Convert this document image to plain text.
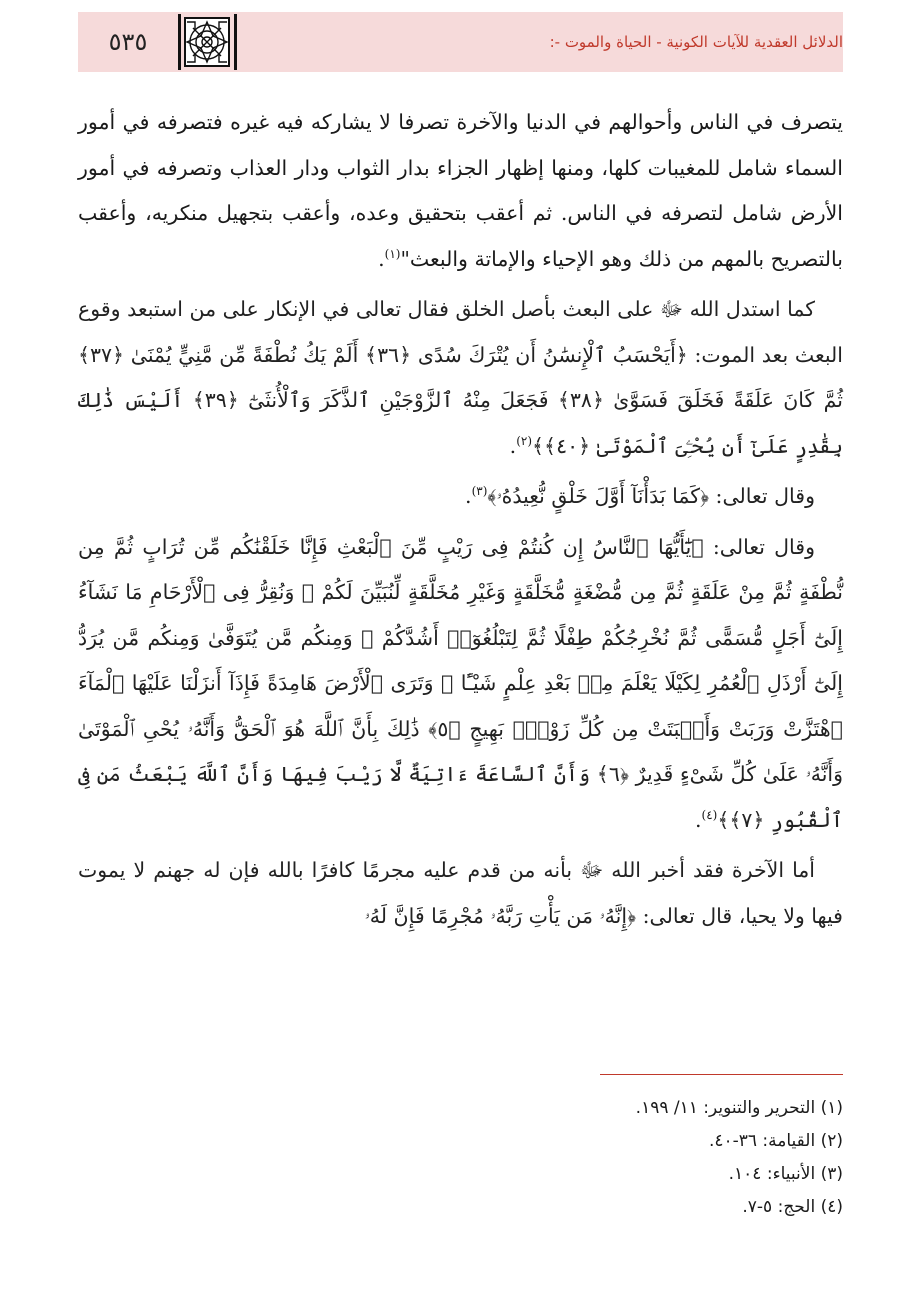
٥٣٥	الدلائل العقدية للآيات الكونية - الحياة والموت -:

يتصرف في الناس وأحوالهم في الدنيا والآخرة تصرفا لا يشاركه فيه غيره فتصرفه في أمور السماء شامل للمغيبات كلها، ومنها إظهار الجزاء بدار الثواب ودار العذاب وتصرفه في أمور الأرض شامل لتصرفه في الناس. ثم أعقب بتحقيق وعده، وأعقب بتجهيل منكريه، وأعقب بالتصريح بالمهم من ذلك وهو الإحياء والإماتة والبعث"$^{(١)}$.

كما استدل الله ﷻ على البعث بأصل الخلق فقال تعالى في الإنكار على من استبعد وقوع البعث بعد الموت: ﴿أَيَحْسَبُ ٱلْإِنسَٰنُ أَن يُتْرَكَ سُدًى ﴿٣٦﴾ أَلَمْ يَكُ نُطْفَةً مِّن مَّنِيٍّ يُمْنَىٰ ﴿٣٧﴾ ثُمَّ كَانَ عَلَقَةً فَخَلَقَ فَسَوَّىٰ ﴿٣٨﴾ فَجَعَلَ مِنْهُ ٱلزَّوْجَيْنِ ٱلذَّكَرَ وَٱلْأُنثَىٰٓ ﴿٣٩﴾ أَلَيْسَ ذَٰلِكَ بِقَٰدِرٍ عَلَىٰٓ أَن يُحْـِۧىَ ٱلْمَوْتَىٰ ﴿٤٠﴾﴾$^{(٢)}$.

وقال تعالى: ﴿كَمَا بَدَأْنَآ أَوَّلَ خَلْقٍ نُّعِيدُهُۥ﴾$^{(٣)}$.

وقال تعالى: ﴿يَٰٓأَيُّهَا ٱلنَّاسُ إِن كُنتُمْ فِى رَيْبٍ مِّنَ ٱلْبَعْثِ فَإِنَّا خَلَقْنَٰكُم مِّن تُرَابٍ ثُمَّ مِن نُّطْفَةٍ ثُمَّ مِنْ عَلَقَةٍ ثُمَّ مِن مُّضْغَةٍ مُّخَلَّقَةٍ وَغَيْرِ مُخَلَّقَةٍ لِّنُبَيِّنَ لَكُمْ ۚ وَنُقِرُّ فِى ٱلْأَرْحَامِ مَا نَشَآءُ إِلَىٰٓ أَجَلٍ مُّسَمًّى ثُمَّ نُخْرِجُكُمْ طِفْلًا ثُمَّ لِتَبْلُغُوٓا۟ أَشُدَّكُمْ ۖ وَمِنكُم مَّن يُتَوَفَّىٰ وَمِنكُم مَّن يُرَدُّ إِلَىٰٓ أَرْذَلِ ٱلْعُمُرِ لِكَيْلَا يَعْلَمَ مِنۢ بَعْدِ عِلْمٍ شَيْـًٔا ۚ وَتَرَى ٱلْأَرْضَ هَامِدَةً فَإِذَآ أَنزَلْنَا عَلَيْهَا ٱلْمَآءَ ٱهْتَزَّتْ وَرَبَتْ وَأَنۢبَتَتْ مِن كُلِّ زَوْجٍۭ بَهِيجٍ ﴿٥﴾ ذَٰلِكَ بِأَنَّ ٱللَّهَ هُوَ ٱلْحَقُّ وَأَنَّهُۥ يُحْىِ ٱلْمَوْتَىٰ وَأَنَّهُۥ عَلَىٰ كُلِّ شَىْءٍ قَدِيرٌ ﴿٦﴾ وَأَنَّ ٱلسَّاعَةَ ءَاتِيَةٌ لَّا رَيْبَ فِيهَا وَأَنَّ ٱللَّهَ يَبْعَثُ مَن فِى ٱلْقُبُورِ ﴿٧﴾﴾$^{(٤)}$.

أما الآخرة فقد أخبر الله ﷻ بأنه من قدم عليه مجرمًا كافرًا بالله فإن له جهنم لا يموت فيها ولا يحيا، قال تعالى: ﴿إِنَّهُۥ مَن يَأْتِ رَبَّهُۥ مُجْرِمًا فَإِنَّ لَهُۥ

(١) التحرير والتنوير: ١١/ ١٩٩.
(٢) القيامة: ٣٦-٤٠.
(٣) الأنبياء: ١٠٤.
(٤) الحج: ٥-٧.
